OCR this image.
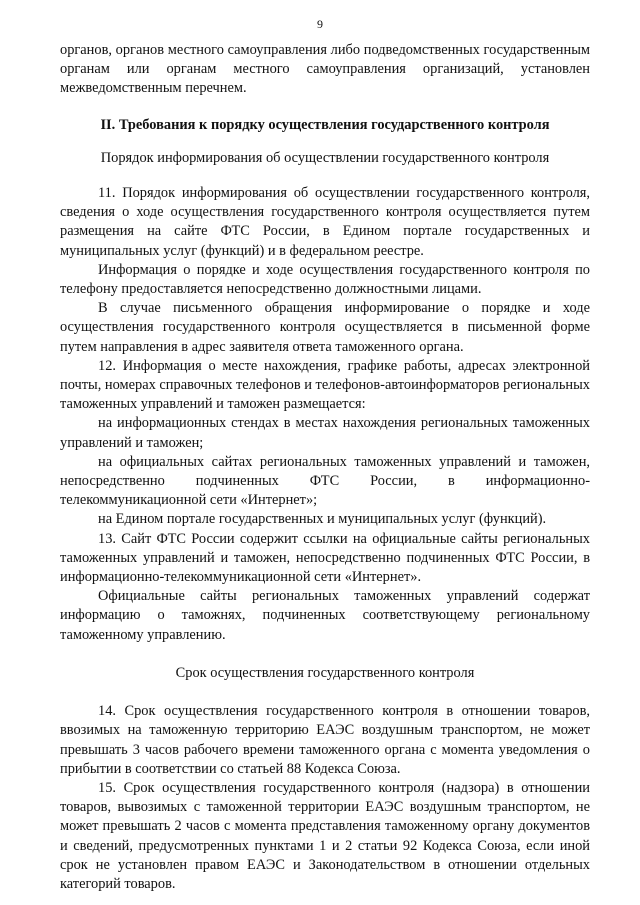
9

органов, органов местного самоуправления либо подведомственных государственным органам или органам местного самоуправления организаций, установлен межведомственным перечнем.

II. Требования к порядку осуществления государственного контроля

Порядок информирования об осуществлении государственного контроля

11. Порядок информирования об осуществлении государственного контроля, сведения о ходе осуществления государственного контроля осуществляется путем размещения на сайте ФТС России, в Едином портале государственных и муниципальных услуг (функций) и в федеральном реестре.

Информация о порядке и ходе осуществления государственного контроля по телефону предоставляется непосредственно должностными лицами.

В случае письменного обращения информирование о порядке и ходе осуществления государственного контроля осуществляется в письменной форме путем направления в адрес заявителя ответа таможенного органа.

12. Информация о месте нахождения, графике работы, адресах электронной почты, номерах справочных телефонов и телефонов-автоинформаторов региональных таможенных управлений и таможен размещается:

на информационных стендах в местах нахождения региональных таможенных управлений и таможен;

на официальных сайтах региональных таможенных управлений и таможен, непосредственно подчиненных ФТС России, в информационно-телекоммуникационной сети «Интернет»;

на Едином портале государственных и муниципальных услуг (функций).

13. Сайт ФТС России содержит ссылки на официальные сайты региональных таможенных управлений и таможен, непосредственно подчиненных ФТС России, в информационно-телекоммуникационной сети «Интернет».

Официальные сайты региональных таможенных управлений содержат информацию о таможнях, подчиненных соответствующему региональному таможенному управлению.

Срок осуществления государственного контроля

14. Срок осуществления государственного контроля в отношении товаров, ввозимых на таможенную территорию ЕАЭС воздушным транспортом, не может превышать 3 часов рабочего времени таможенного органа с момента уведомления о прибытии в соответствии со статьей 88 Кодекса Союза.

15. Срок осуществления государственного контроля (надзора) в отношении товаров, вывозимых с таможенной территории ЕАЭС воздушным транспортом, не может превышать 2 часов с момента представления таможенному органу документов и сведений, предусмотренных пунктами 1 и 2 статьи 92 Кодекса Союза, если иной срок не установлен правом ЕАЭС и Законодательством в отношении отдельных категорий товаров.
